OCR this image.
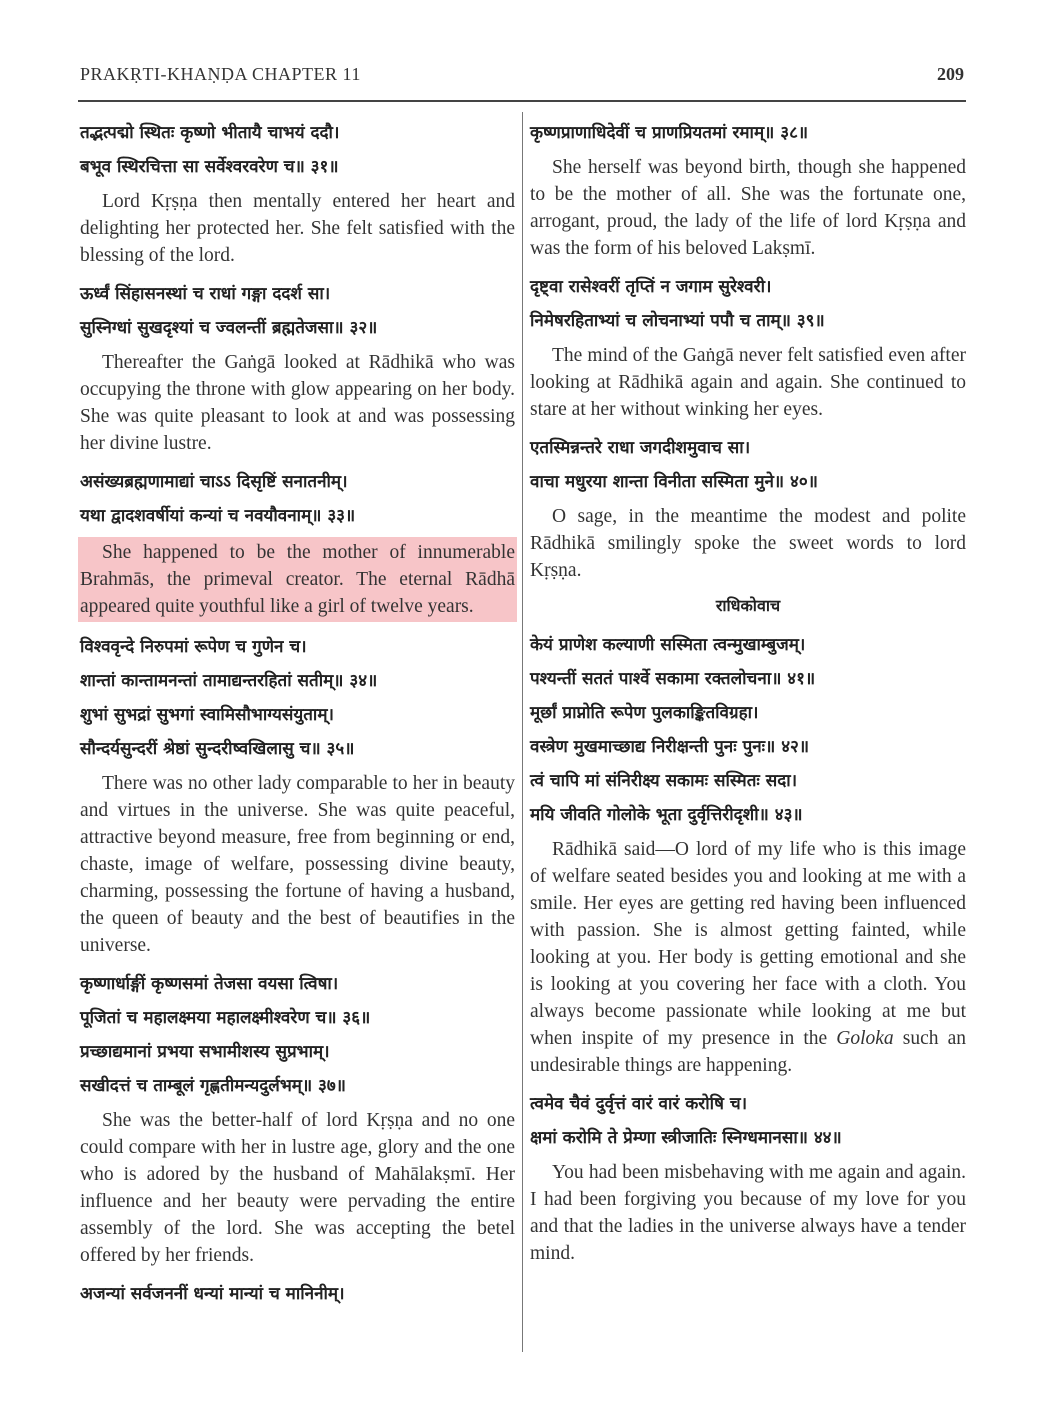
PRAKṚTI-KHAṆḌA CHAPTER 11	209

तद्भत्पद्मो स्थितः कृष्णो भीतायै चाभयं ददौ।

बभूव स्थिरचित्ता सा सर्वेश्वरवरेण च॥ ३१॥

Lord Kṛṣṇa then mentally entered her heart and delighting her protected her. She felt satisfied with the blessing of the lord.

ऊर्ध्वं सिंहासनस्थां च राधां गङ्गा ददर्श सा।

सुस्निग्धां सुखदृश्यां च ज्वलन्तीं ब्रह्मतेजसा॥ ३२॥

Thereafter the Gaṅgā looked at Rādhikā who was occupying the throne with glow appearing on her body. She was quite pleasant to look at and was possessing her divine lustre.

असंख्यब्रह्मणामाद्यां चाऽऽ दिसृष्टिं सनातनीम्।

यथा द्वादशवर्षीयां कन्यां च नवयौवनाम्॥ ३३॥

She happened to be the mother of innumerable Brahmās, the primeval creator. The eternal Rādhā appeared quite youthful like a girl of twelve years.

विश्ववृन्दे निरुपमां रूपेण च गुणेन च।

शान्तां कान्तामनन्तां तामाद्यन्तरहितां सतीम्॥ ३४॥

शुभां सुभद्रां सुभगां स्वामिसौभाग्यसंयुताम्।

सौन्दर्यसुन्दरीं श्रेष्ठां सुन्दरीष्वखिलासु च॥ ३५॥

There was no other lady comparable to her in beauty and virtues in the universe. She was quite peaceful, attractive beyond measure, free from beginning or end, chaste, image of welfare, possessing divine beauty, charming, possessing the fortune of having a husband, the queen of beauty and the best of beautifies in the universe.

कृष्णार्धाङ्गीं कृष्णसमां तेजसा वयसा त्विषा।

पूजितां च महालक्ष्मया महालक्ष्मीश्वरेण च॥ ३६॥

प्रच्छाद्यमानां प्रभया सभामीशस्य सुप्रभाम्।

सखीदत्तं च ताम्बूलं गृह्णतीमन्यदुर्लभम्॥ ३७॥

She was the better-half of lord Kṛṣṇa and no one could compare with her in lustre age, glory and the one who is adored by the husband of Mahālakṣmī. Her influence and her beauty were pervading the entire assembly of the lord. She was accepting the betel offered by her friends.

अजन्यां सर्वजननीं धन्यां मान्यां च मानिनीम्।

कृष्णप्राणाधिदेवीं च प्राणप्रियतमां रमाम्॥ ३८॥

She herself was beyond birth, though she happened to be the mother of all. She was the fortunate one, arrogant, proud, the lady of the life of lord Kṛṣṇa and was the form of his beloved Lakṣmī.

दृष्ट्वा रासेश्वरीं तृप्तिं न जगाम सुरेश्वरी।

निमेषरहिताभ्यां च लोचनाभ्यां पपौ च ताम्॥ ३९॥

The mind of the Gaṅgā never felt satisfied even after looking at Rādhikā again and again. She continued to stare at her without winking her eyes.

एतस्मिन्नन्तरे राधा जगदीशमुवाच सा।

वाचा मधुरया शान्ता विनीता सस्मिता मुने॥ ४०॥

O sage, in the meantime the modest and polite Rādhikā smilingly spoke the sweet words to lord Kṛṣṇa.

राधिकोवाच

केयं प्राणेश कल्याणी सस्मिता त्वन्मुखाम्बुजम्।

पश्यन्तीं सततं पार्श्वे सकामा रक्तलोचना॥ ४१॥

मूर्छां प्राप्नोति रूपेण पुलकाङ्कितविग्रहा।

वस्त्रेण मुखमाच्छाद्य निरीक्षन्ती पुनः पुनः॥ ४२॥

त्वं चापि मां संनिरीक्ष्य सकामः सस्मितः सदा।

मयि जीवति गोलोके भूता दुर्वृत्तिरीदृशी॥ ४३॥

Rādhikā said—O lord of my life who is this image of welfare seated besides you and looking at me with a smile. Her eyes are getting red having been influenced with passion. She is almost getting fainted, while looking at you. Her body is getting emotional and she is looking at you covering her face with a cloth. You always become passionate while looking at me but when inspite of my presence in the Goloka such an undesirable things are happening.

त्वमेव चैवं दुर्वृत्तं वारं वारं करोषि च।

क्षमां करोमि ते प्रेम्णा स्त्रीजातिः स्निग्धमानसा॥ ४४॥

You had been misbehaving with me again and again. I had been forgiving you because of my love for you and that the ladies in the universe always have a tender mind.
